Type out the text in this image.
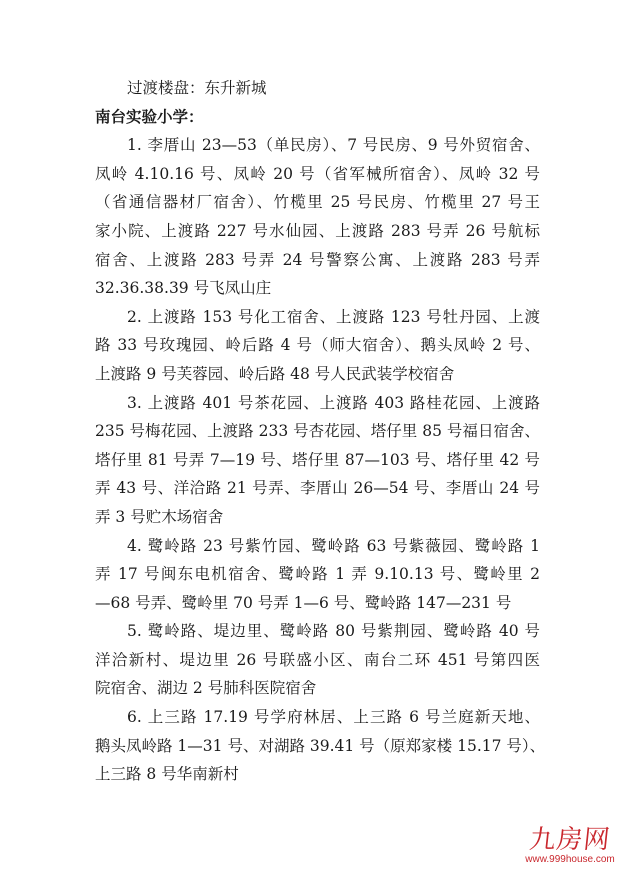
过渡楼盘：东升新城
南台实验小学：
1. 李厝山 23—53（单民房）、7 号民房、9 号外贸宿舍、
凤岭 4.10.16 号、凤岭 20 号（省军械所宿舍）、凤岭 32 号
（省通信器材厂宿舍）、竹榄里 25 号民房、竹榄里 27 号王
家小院、上渡路 227 号水仙园、上渡路 283 号弄 26 号航标
宿舍、上渡路 283 号弄 24 号警察公寓、上渡路 283 号弄
32.36.38.39 号飞凤山庄
2. 上渡路 153 号化工宿舍、上渡路 123 号牡丹园、上渡
路 33 号玫瑰园、岭后路 4 号（师大宿舍）、鹅头凤岭 2 号、
上渡路 9 号芙蓉园、岭后路 48 号人民武装学校宿舍
3. 上渡路 401 号茶花园、上渡路 403 路桂花园、上渡路
235 号梅花园、上渡路 233 号杏花园、塔仔里 85 号福日宿舍、
塔仔里 81 号弄 7—19 号、塔仔里 87—103 号、塔仔里 42 号
弄 43 号、洋洽路 21 号弄、李厝山 26—54 号、李厝山 24 号
弄 3 号贮木场宿舍
4. 鹭岭路 23 号紫竹园、鹭岭路 63 号紫薇园、鹭岭路 1
弄 17 号闽东电机宿舍、鹭岭路 1 弄 9.10.13 号、鹭岭里 2
—68 号弄、鹭岭里 70 号弄 1—6 号、鹭岭路 147—231 号
5. 鹭岭路、堤边里、鹭岭路 80 号紫荆园、鹭岭路 40 号
洋洽新村、堤边里 26 号联盛小区、南台二环 451 号第四医
院宿舍、湖边 2 号肺科医院宿舍
6. 上三路 17.19 号学府林居、上三路 6 号兰庭新天地、
鹅头凤岭路 1—31 号、对湖路 39.41 号（原郑家楼 15.17 号）、
上三路 8 号华南新村
九房网
www.999house.com
